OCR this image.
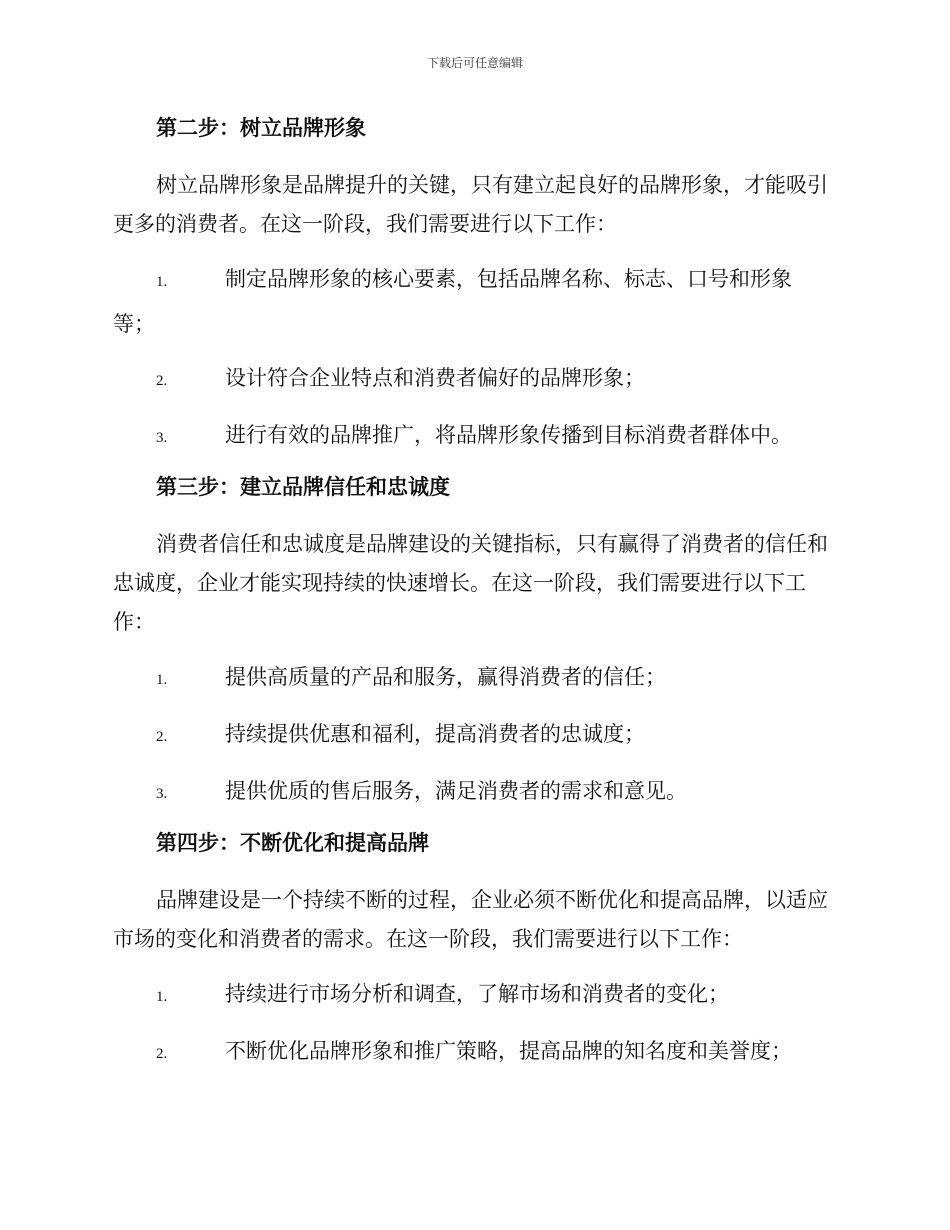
下载后可任意编辑
第二步：树立品牌形象

树立品牌形象是品牌提升的关键，只有建立起良好的品牌形象，才能吸引更多的消费者。在这一阶段，我们需要进行以下工作：

1.	制定品牌形象的核心要素，包括品牌名称、标志、口号和形象等；
2.	设计符合企业特点和消费者偏好的品牌形象；
3.	进行有效的品牌推广，将品牌形象传播到目标消费者群体中。
第三步：建立品牌信任和忠诚度

消费者信任和忠诚度是品牌建设的关键指标，只有赢得了消费者的信任和忠诚度，企业才能实现持续的快速增长。在这一阶段，我们需要进行以下工作：

1.	提供高质量的产品和服务，赢得消费者的信任；
2.	持续提供优惠和福利，提高消费者的忠诚度；
3.	提供优质的售后服务，满足消费者的需求和意见。
第四步：不断优化和提高品牌

品牌建设是一个持续不断的过程，企业必须不断优化和提高品牌，以适应市场的变化和消费者的需求。在这一阶段，我们需要进行以下工作：

1.	持续进行市场分析和调查，了解市场和消费者的变化；
2.	不断优化品牌形象和推广策略，提高品牌的知名度和美誉度；
